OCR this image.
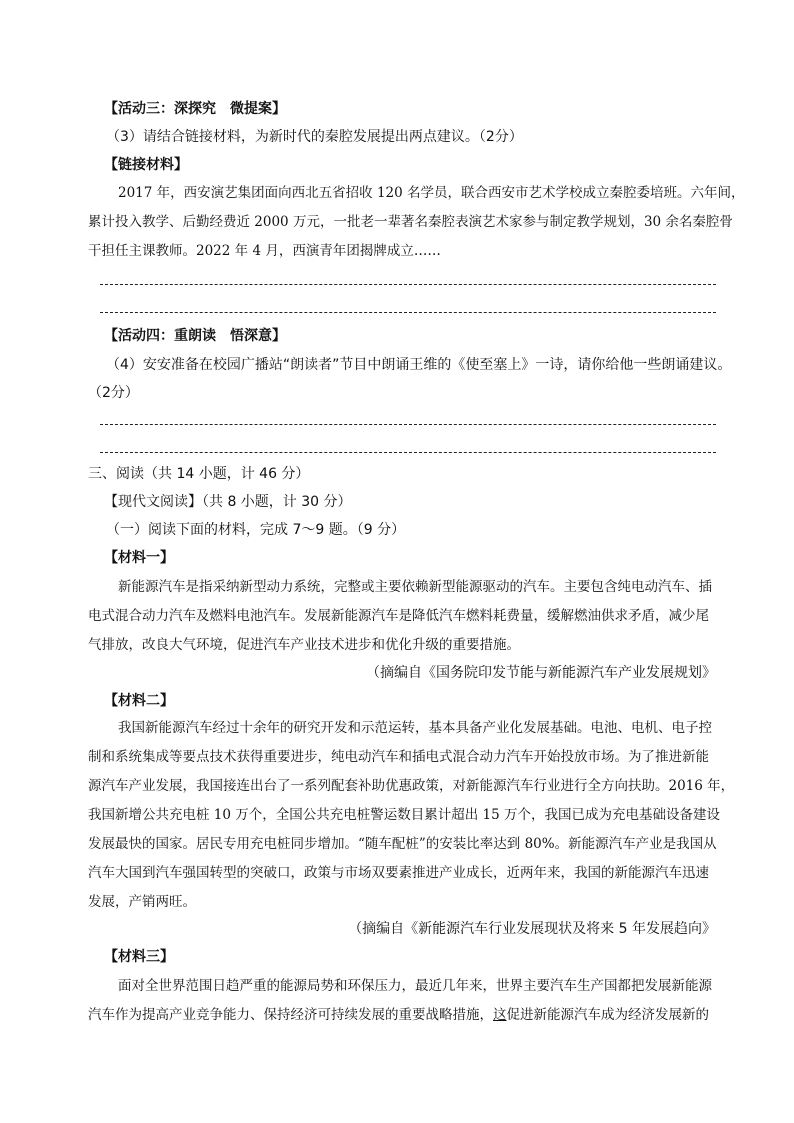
【活动三：深探究　微提案】
（3）请结合链接材料，为新时代的秦腔发展提出两点建议。（2分）
【链接材料】
2017 年，西安演艺集团面向西北五省招收 120 名学员，联合西安市艺术学校成立秦腔委培班。六年间，
累计投入教学、后勤经费近 2000 万元，一批老一辈著名秦腔表演艺术家参与制定教学规划，30 余名秦腔骨
干担任主课教师。2022 年 4 月，西演青年团揭牌成立……
【活动四：重朗读　悟深意】
（4）安安准备在校园广播站“朗读者”节目中朗诵王维的《使至塞上》一诗，请你给他一些朗诵建议。
（2分）
三、阅读（共 14 小题，计 46 分）
【现代文阅读】（共 8 小题，计 30 分）
（一）阅读下面的材料，完成 7～9 题。（9 分）
【材料一】
新能源汽车是指采纳新型动力系统，完整或主要依赖新型能源驱动的汽车。主要包含纯电动汽车、插
电式混合动力汽车及燃料电池汽车。发展新能源汽车是降低汽车燃料耗费量，缓解燃油供求矛盾，减少尾
气排放，改良大气环境，促进汽车产业技术进步和优化升级的重要措施。
（摘编自《国务院印发节能与新能源汽车产业发展规划》
【材料二】
我国新能源汽车经过十余年的研究开发和示范运转，基本具备产业化发展基础。电池、电机、电子控
制和系统集成等要点技术获得重要进步，纯电动汽车和插电式混合动力汽车开始投放市场。为了推进新能
源汽车产业发展，我国接连出台了一系列配套补助优惠政策，对新能源汽车行业进行全方向扶助。2016 年，
我国新增公共充电桩 10 万个，全国公共充电桩警运数目累计超出 15 万个，我国已成为充电基础设备建设
发展最快的国家。居民专用充电桩同步增加。“随车配桩”的安装比率达到 80%。新能源汽车产业是我国从
汽车大国到汽车强国转型的突破口，政策与市场双要素推进产业成长，近两年来，我国的新能源汽车迅速
发展，产销两旺。
（摘编自《新能源汽车行业发展现状及将来 5 年发展趋向》
【材料三】
面对全世界范围日趋严重的能源局势和环保压力，最近几年来，世界主要汽车生产国都把发展新能源
汽车作为提高产业竞争能力、保持经济可持续发展的重要战略措施，这促进新能源汽车成为经济发展新的
